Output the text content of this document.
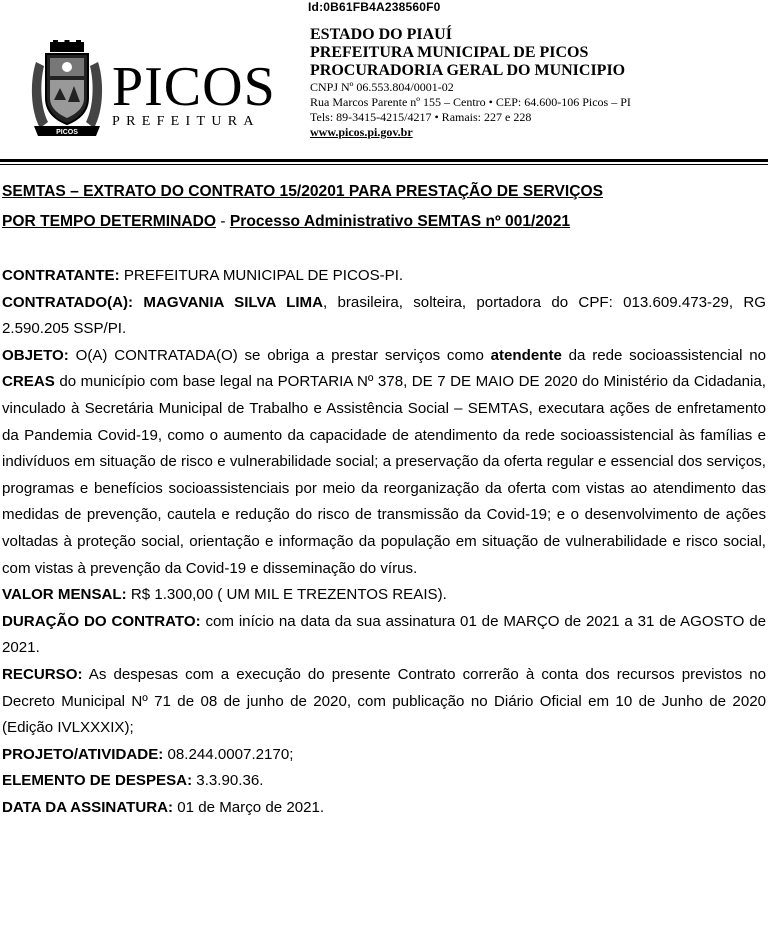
Id:0B61FB4A238560F0
PICOS
PICOS
PREFEITURA
ESTADO DO PIAUÍ
PREFEITURA MUNICIPAL DE PICOS
PROCURADORIA GERAL DO MUNICIPIO
CNPJ Nº 06.553.804/0001-02
Rua Marcos Parente nº 155 – Centro • CEP: 64.600-106 Picos – PI
Tels: 89-3415-4215/4217 • Ramais: 227 e 228
www.picos.pi.gov.br
SEMTAS – EXTRATO DO CONTRATO 15/20201 PARA PRESTAÇÃO DE SERVIÇOS
POR TEMPO DETERMINADO - Processo Administrativo SEMTAS nº 001/2021

CONTRATANTE: PREFEITURA MUNICIPAL DE PICOS-PI.

CONTRATADO(A): MAGVANIA SILVA LIMA, brasileira, solteira, portadora do CPF: 013.609.473-29, RG 2.590.205 SSP/PI.

OBJETO: O(A) CONTRATADA(O) se obriga a prestar serviços como atendente da rede socioassistencial no CREAS do município com base legal na PORTARIA Nº 378, DE 7 DE MAIO DE 2020 do Ministério da Cidadania, vinculado à Secretária Municipal de Trabalho e Assistência Social – SEMTAS, executara ações de enfretamento da Pandemia Covid-19, como o aumento da capacidade de atendimento da rede socioassistencial às famílias e indivíduos em situação de risco e vulnerabilidade social; a preservação da oferta regular e essencial dos serviços, programas e benefícios socioassistenciais por meio da reorganização da oferta com vistas ao atendimento das medidas de prevenção, cautela e redução do risco de transmissão da Covid-19; e o desenvolvimento de ações voltadas à proteção social, orientação e informação da população em situação de vulnerabilidade e risco social, com vistas à prevenção da Covid-19 e disseminação do vírus.

VALOR MENSAL: R$ 1.300,00 ( UM MIL E TREZENTOS REAIS).

DURAÇÃO DO CONTRATO: com início na data da sua assinatura 01 de MARÇO de 2021 a 31 de AGOSTO de 2021.

RECURSO: As despesas com a execução do presente Contrato correrão à conta dos recursos previstos no Decreto Municipal Nº 71 de 08 de junho de 2020, com publicação no Diário Oficial em 10 de Junho de 2020 (Edição IVLXXXIX);

PROJETO/ATIVIDADE: 08.244.0007.2170;

ELEMENTO DE DESPESA: 3.3.90.36.

DATA DA ASSINATURA: 01 de Março de 2021.
